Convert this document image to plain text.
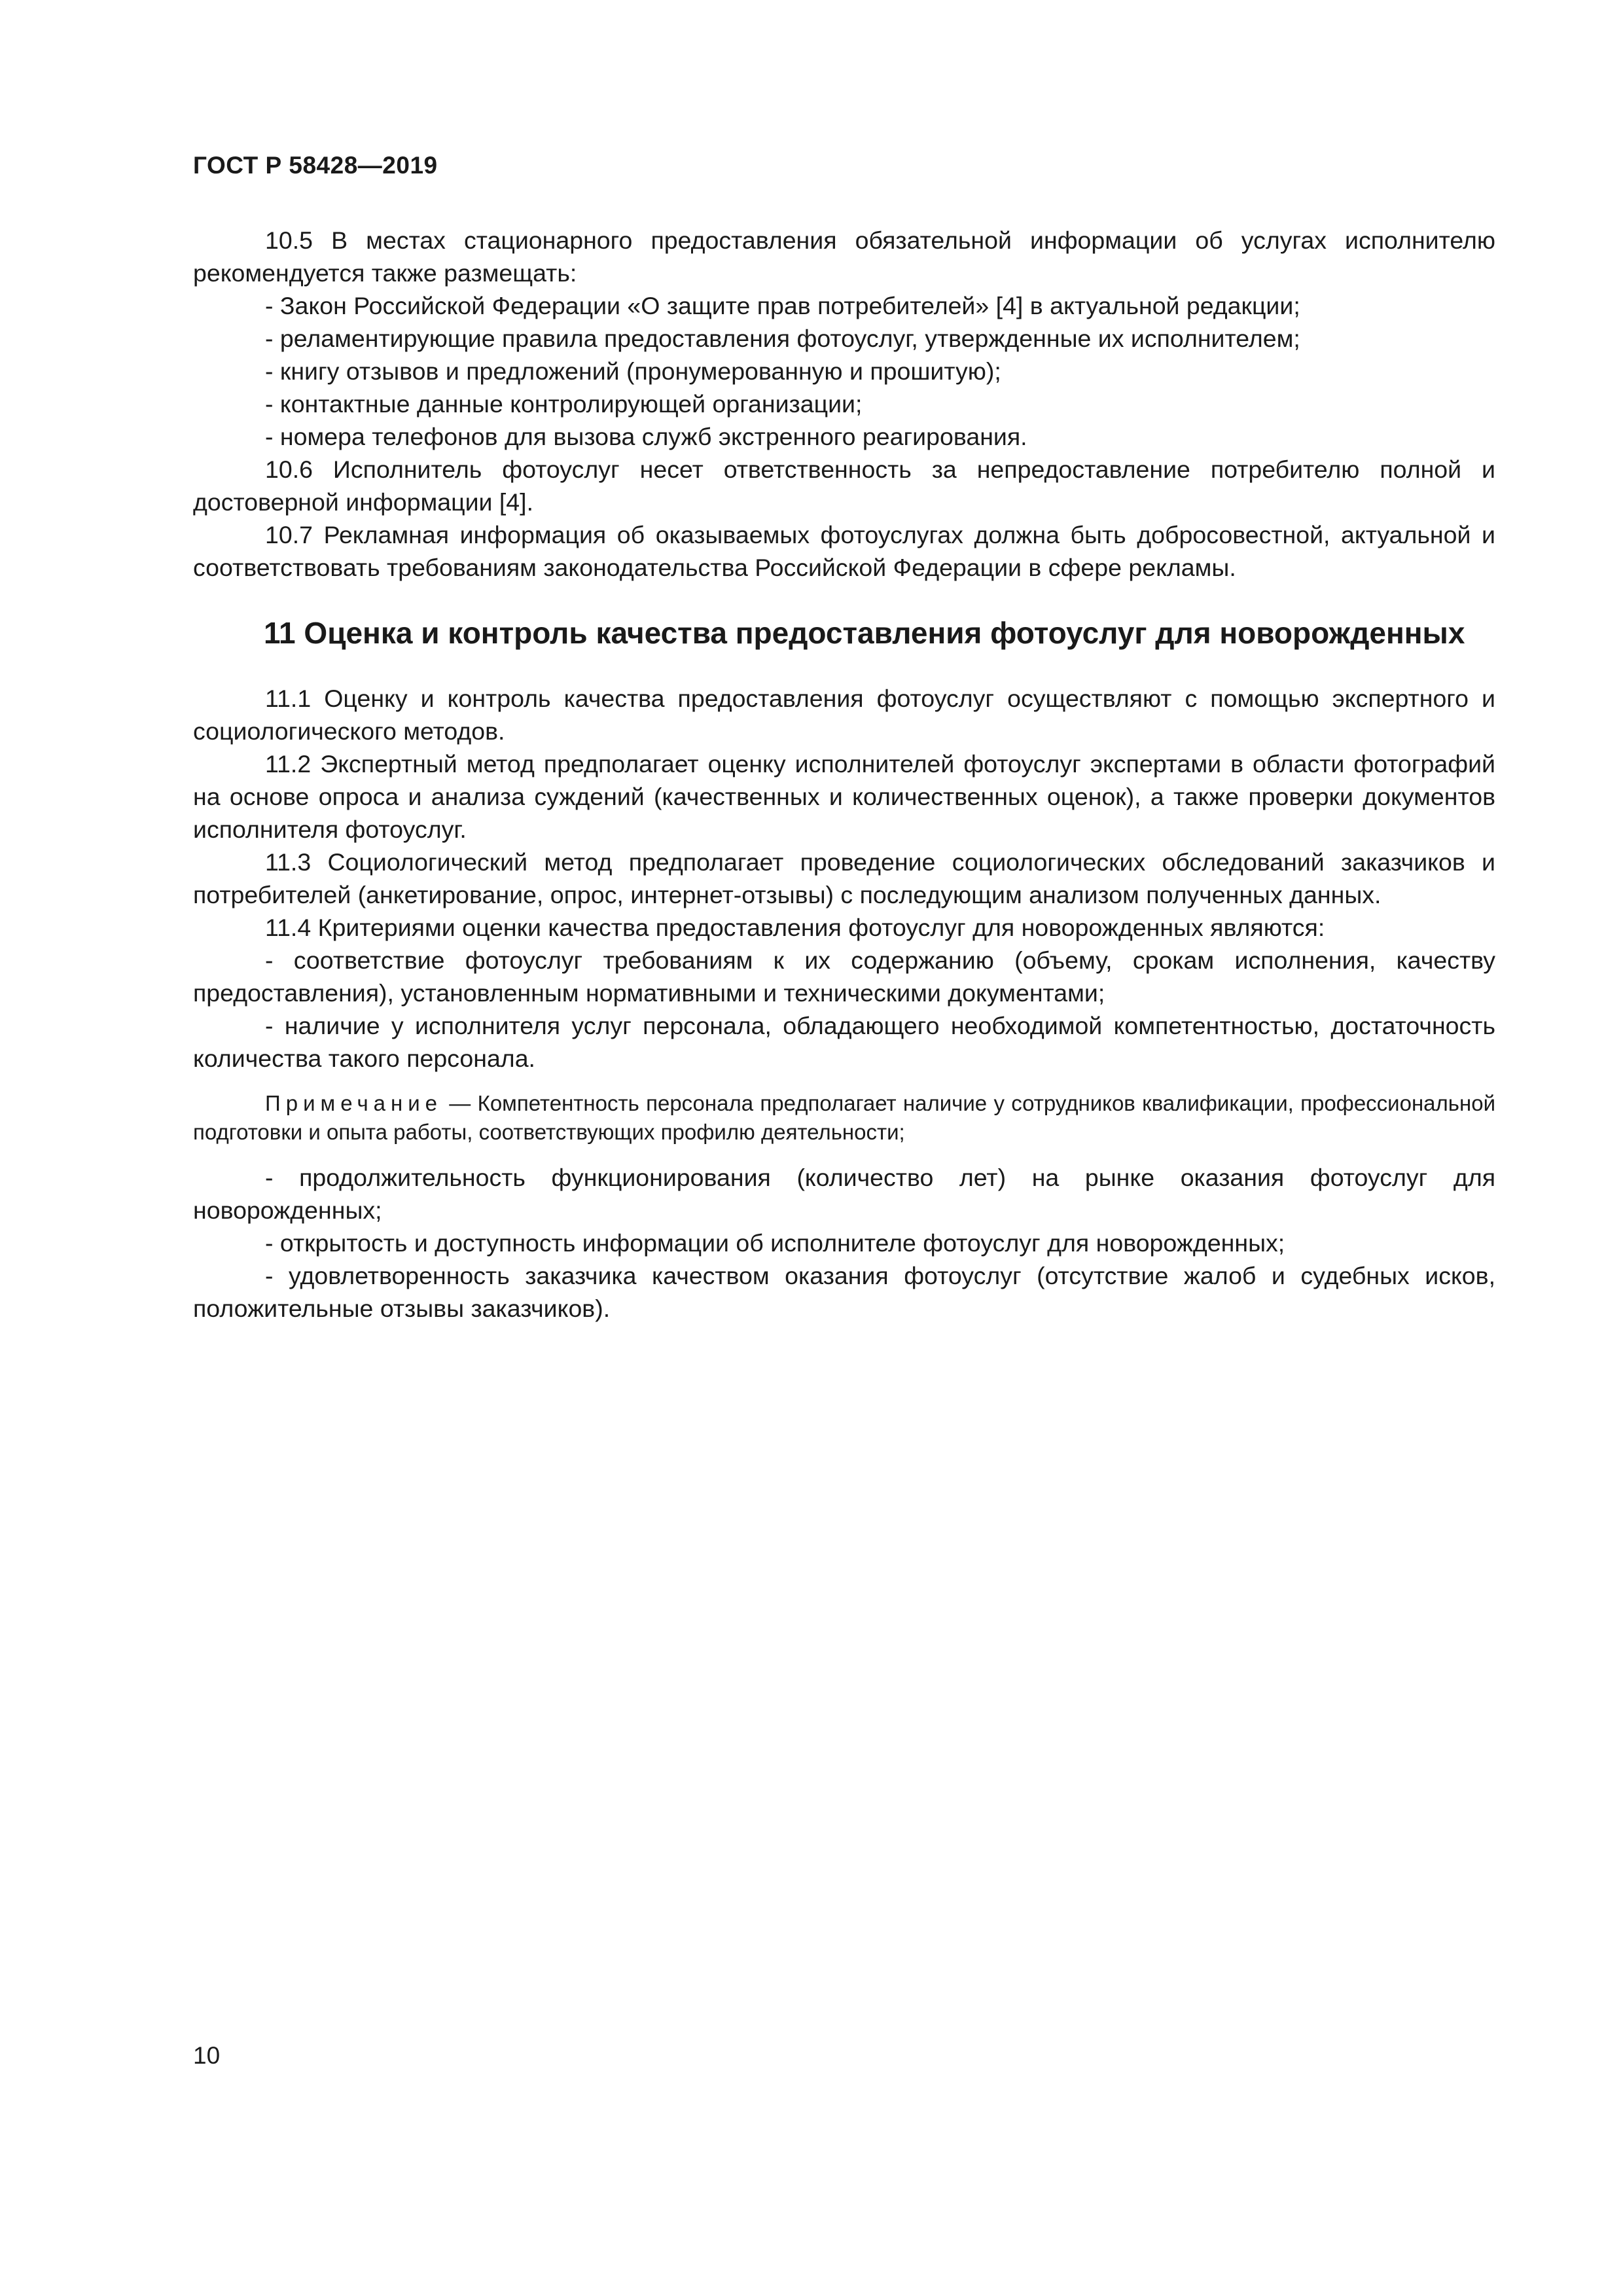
ГОСТ Р 58428—2019

10.5 В местах стационарного предоставления обязательной информации об услугах исполнителю рекомендуется также размещать:

- Закон Российской Федерации «О защите прав потребителей» [4] в актуальной редакции;

- реламентирующие правила предоставления фотоуслуг, утвержденные их исполнителем;

- книгу отзывов и предложений (пронумерованную и прошитую);

- контактные данные контролирующей организации;

- номера телефонов для вызова служб экстренного реагирования.

10.6 Исполнитель фотоуслуг несет ответственность за непредоставление потребителю полной и достоверной информации [4].

10.7 Рекламная информация об оказываемых фотоуслугах должна быть добросовестной, актуальной и соответствовать требованиям законодательства Российской Федерации в сфере рекламы.

11 Оценка и контроль качества предоставления фотоуслуг для новорожденных

11.1 Оценку и контроль качества предоставления фотоуслуг осуществляют с помощью экспертного и социологического методов.

11.2 Экспертный метод предполагает оценку исполнителей фотоуслуг экспертами в области фотографий на основе опроса и анализа суждений (качественных и количественных оценок), а также проверки документов исполнителя фотоуслуг.

11.3 Социологический метод предполагает проведение социологических обследований заказчиков и потребителей (анкетирование, опрос, интернет-отзывы) с последующим анализом полученных данных.

11.4 Критериями оценки качества предоставления фотоуслуг для новорожденных являются:

- соответствие фотоуслуг требованиям к их содержанию (объему, срокам исполнения, качеству предоставления), установленным нормативными и техническими документами;

- наличие у исполнителя услуг персонала, обладающего необходимой компетентностью, достаточность количества такого персонала.

Примечание — Компетентность персонала предполагает наличие у сотрудников квалификации, профессиональной подготовки и опыта работы, соответствующих профилю деятельности;

- продолжительность функционирования (количество лет) на рынке оказания фотоуслуг для новорожденных;

- открытость и доступность информации об исполнителе фотоуслуг для новорожденных;

- удовлетворенность заказчика качеством оказания фотоуслуг (отсутствие жалоб и судебных исков, положительные отзывы заказчиков).

10
